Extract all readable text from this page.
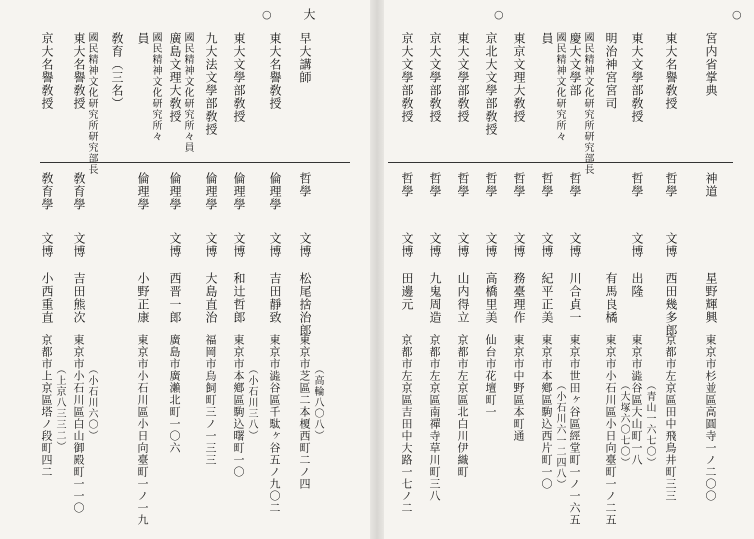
○	○	○
京大名譽敎授
敎育學
文博
小西重直
京都市上京區塔ノ段町四二 （上京八三三二）
東大名譽敎授 國民精神文化研究所研究部長
敎育學
文博
吉田熊次
東京市小石川區白山御殿町一一〇 （小石川六〇）
敎育（三名） 員 國民精神文化研究所々
倫理學
小野正康
東京市小石川區小日向臺町一ノ一九
廣島文理大敎授 國民精神文化研究所々員
倫理學
文博
西晋一郎
廣島市廣瀨北町一〇六
九大法文學部敎授
倫理學
文博
大島直治
福岡市烏飼町三ノ一三三
東大文學部敎授
倫理學
文博
和辻哲郎
東京市本鄕區駒込曙町一〇 （小石川三八）
東大名譽敎授
倫理學
文博
吉田靜致
東京市澁谷區千駄ヶ谷五ノ九〇二
大
早大講師
哲學
文博
松尾捨治郎
東京市芝區二本榎西町二ノ四 （高輪八〇八）
京大文學部敎授
哲學
文博
田邊元
京都市左京區吉田中大路一七ノ二
京大文學部敎授
哲學
文博
九鬼周造
京都市左京區南禪寺草川町三八
東大文學部敎授
哲學
文博
山内得立
京都市左京區北白川伊織町
京北大文學部敎授
哲學
文博
高橋里美
仙台市花壇町一
東京文理大敎授
哲學
文博
務臺理作
東京市中野區本町通
員 國民精神文化研究所々
哲學
文博
紀平正美
東京市本鄕區駒込西片町一〇 （小石川六一二四八）
慶大文學部 國民精神文化研究所研究部長
哲學
文博
川合貞一
東京市世田ヶ谷區經堂町一ノ一六五
明治神宮宮司
有馬良橘
東京市小石川區小日向臺町一ノ二五 （大塚六〇七〇）
東大文學部敎授
哲學
文博
出隆
東京市澁谷區大山町一八 （青山一六七〇）
東大名譽敎授
哲學
文博
西田幾多郎
京都市左京區田中飛鳥井町三三
宮内省掌典
神道
星野輝興
東京市杉並區高圓寺一ノ二〇〇
